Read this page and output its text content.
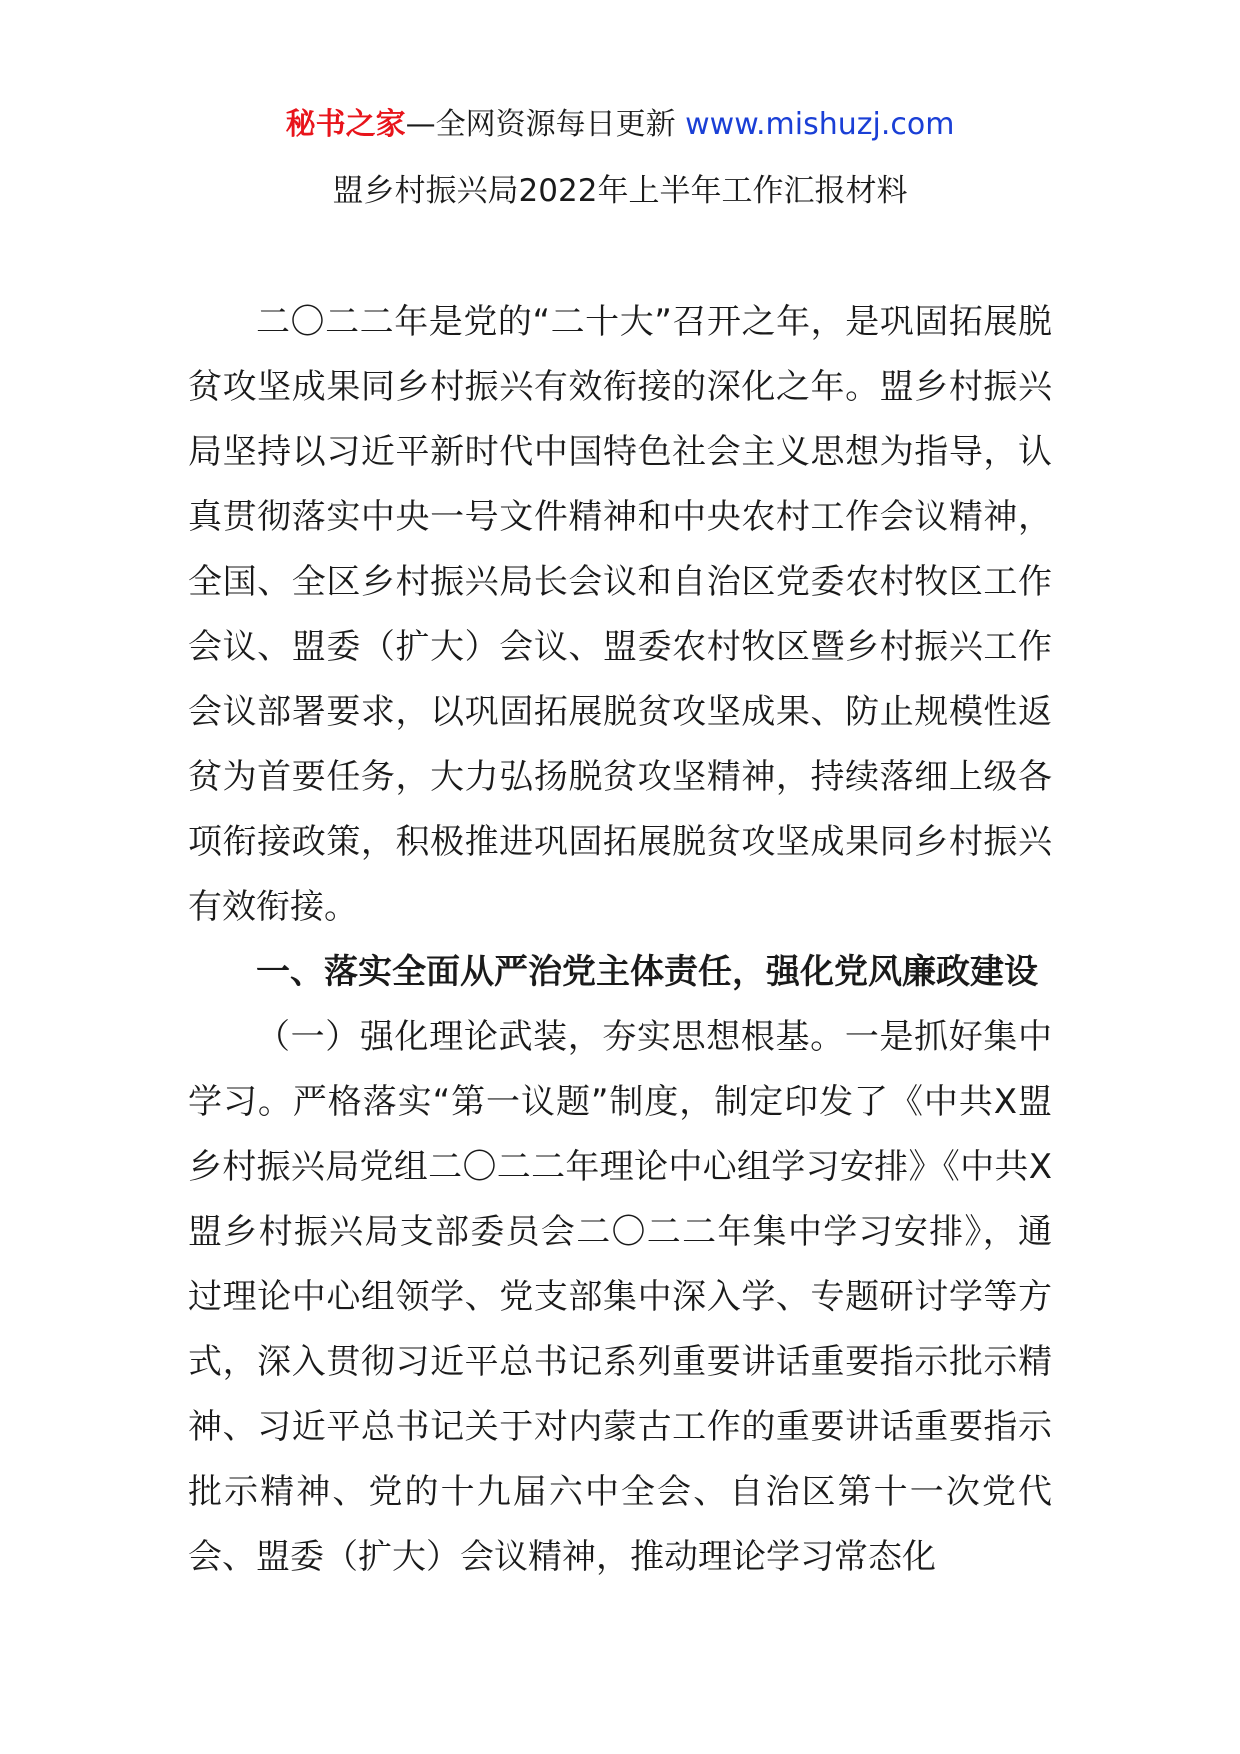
秘书之家—全网资源每日更新 www.mishuzj.com
盟乡村振兴局2022年上半年工作汇报材料

二〇二二年是党的“二十大”召开之年，是巩固拓展脱贫攻坚成果同乡村振兴有效衔接的深化之年。盟乡村振兴局坚持以习近平新时代中国特色社会主义思想为指导，认真贯彻落实中央一号文件精神和中央农村工作会议精神，全国、全区乡村振兴局长会议和自治区党委农村牧区工作会议、盟委（扩大）会议、盟委农村牧区暨乡村振兴工作会议部署要求，以巩固拓展脱贫攻坚成果、防止规模性返贫为首要任务，大力弘扬脱贫攻坚精神，持续落细上级各项衔接政策，积极推进巩固拓展脱贫攻坚成果同乡村振兴有效衔接。

一、落实全面从严治党主体责任，强化党风廉政建设

（一）强化理论武装，夯实思想根基。一是抓好集中学习。严格落实“第一议题”制度，制定印发了《中共X盟乡村振兴局党组二〇二二年理论中心组学习安排》《中共X盟乡村振兴局支部委员会二〇二二年集中学习安排》，通过理论中心组领学、党支部集中深入学、专题研讨学等方式，深入贯彻习近平总书记系列重要讲话重要指示批示精神、习近平总书记关于对内蒙古工作的重要讲话重要指示批示精神、党的十九届六中全会、自治区第十一次党代会、盟委（扩大）会议精神，推动理论学习常态化
